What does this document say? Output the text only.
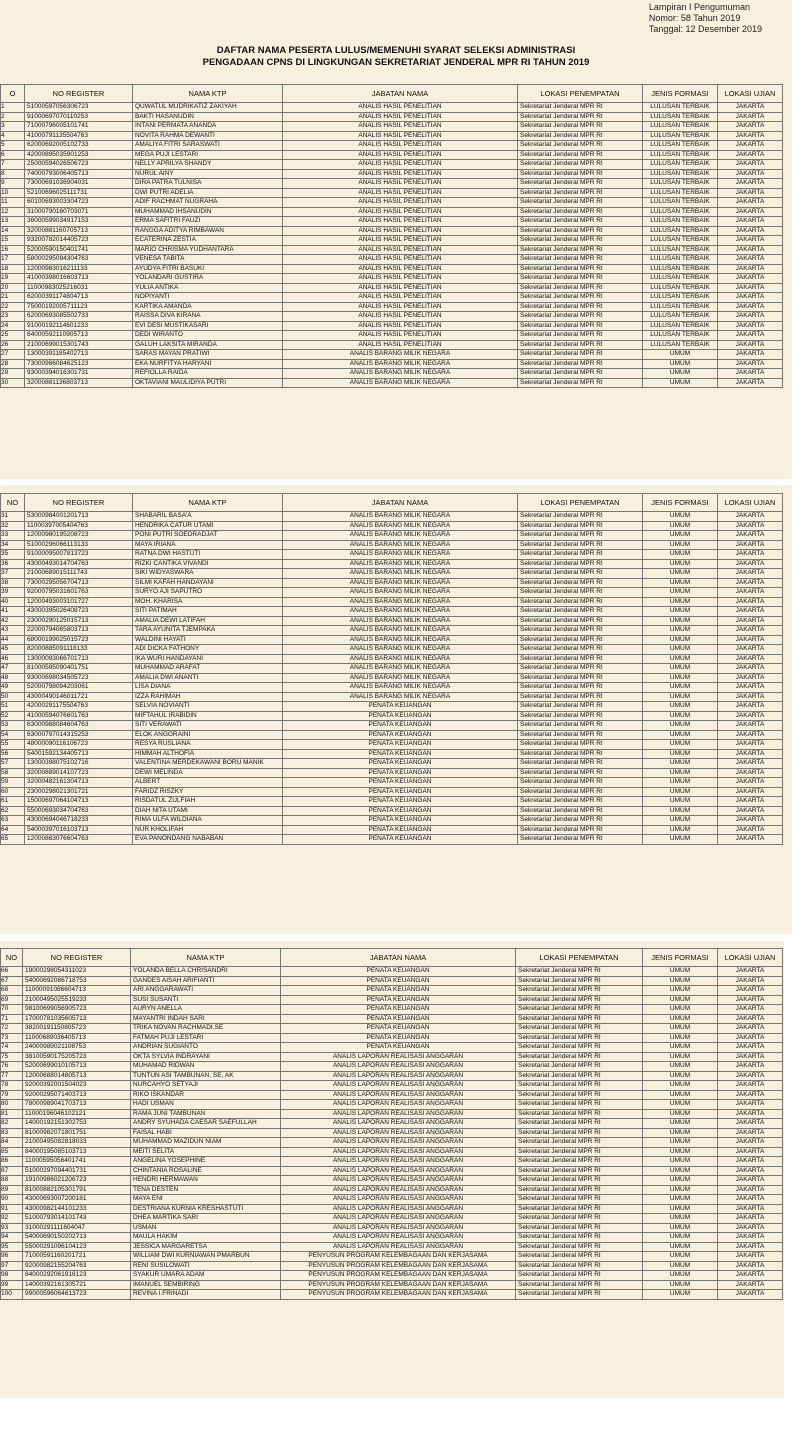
Lampiran I Pengumuman
Nomor: 58 Tahun 2019
Tanggal: 12 Desember 2019
DAFTAR NAMA PESERTA LULUS/MEMENUHI SYARAT SELEKSI ADMINISTRASI
PENGADAAN CPNS DI LINGKUNGAN SEKRETARIAT JENDERAL MPR RI TAHUN 2019
O	NO REGISTER	NAMA KTP	JABATAN NAMA	LOKASI PENEMPATAN	JENIS FORMASI	LOKASI UJIAN
1	51000597056306723	QUWATUL MUDRIKATIZ ZAKIYAH	ANALIS HASIL PENELITIAN	Sekretariat Jenderal MPR RI	LULUSAN TERBAIK	JAKARTA
2	91000697070110253	BAKTI HASANUDIN	ANALIS HASIL PENELITIAN	Sekretariat Jenderal MPR RI	LULUSAN TERBAIK	JAKARTA
3	71000796005101741	INTANI PERMATA ANANDA	ANALIS HASIL PENELITIAN	Sekretariat Jenderal MPR RI	LULUSAN TERBAIK	JAKARTA
4	41000791135504763	NOVITA RAHMA DEWANTI	ANALIS HASIL PENELITIAN	Sekretariat Jenderal MPR RI	LULUSAN TERBAIK	JAKARTA
5	62000692005102733	AMALIYA FITRI SARASWATI	ANALIS HASIL PENELITIAN	Sekretariat Jenderal MPR RI	LULUSAN TERBAIK	JAKARTA
6	42000895035901253	MEGA PUJI LESTARI	ANALIS HASIL PENELITIAN	Sekretariat Jenderal MPR RI	LULUSAN TERBAIK	JAKARTA
7	25000594026506723	NELLY APRILYA SHANDY	ANALIS HASIL PENELITIAN	Sekretariat Jenderal MPR RI	LULUSAN TERBAIK	JAKARTA
8	74000793006405713	NURUL AINY	ANALIS HASIL PENELITIAN	Sekretariat Jenderal MPR RI	LULUSAN TERBAIK	JAKARTA
9	73000691036904031	DIRA PATRA TULNISA	ANALIS HASIL PENELITIAN	Sekretariat Jenderal MPR RI	LULUSAN TERBAIK	JAKARTA
10	52100696025111731	DWI PUTRI ADELIA	ANALIS HASIL PENELITIAN	Sekretariat Jenderal MPR RI	LULUSAN TERBAIK	JAKARTA
11	60100693003304723	ADIF RACHMAT NUGRAHA	ANALIS HASIL PENELITIAN	Sekretariat Jenderal MPR RI	LULUSAN TERBAIK	JAKARTA
12	31000790160703071	MUHAMMAD IHSANUDIN	ANALIS HASIL PENELITIAN	Sekretariat Jenderal MPR RI	LULUSAN TERBAIK	JAKARTA
13	36000599034917153	ERMA SAFITRI FAUZI	ANALIS HASIL PENELITIAN	Sekretariat Jenderal MPR RI	LULUSAN TERBAIK	JAKARTA
14	32000881160705713	RANGGA ADITYA RIMBAWAN	ANALIS HASIL PENELITIAN	Sekretariat Jenderal MPR RI	LULUSAN TERBAIK	JAKARTA
15	93200782014405723	ECATERINA ZESTIA	ANALIS HASIL PENELITIAN	Sekretariat Jenderal MPR RI	LULUSAN TERBAIK	JAKARTA
16	52000590150401741	MARIO CHRISMA YUDHANTARA	ANALIS HASIL PENELITIAN	Sekretariat Jenderal MPR RI	LULUSAN TERBAIK	JAKARTA
17	58000295094304763	VENESA TABITA	ANALIS HASIL PENELITIAN	Sekretariat Jenderal MPR RI	LULUSAN TERBAIK	JAKARTA
18	12000983016211133	AYUDYA FITRI BASUKI	ANALIS HASIL PENELITIAN	Sekretariat Jenderal MPR RI	LULUSAN TERBAIK	JAKARTA
19	41000398016603713	YOLANDARI GUSTIRA	ANALIS HASIL PENELITIAN	Sekretariat Jenderal MPR RI	LULUSAN TERBAIK	JAKARTA
20	11000983025216031	YULIA ANTIKA	ANALIS HASIL PENELITIAN	Sekretariat Jenderal MPR RI	LULUSAN TERBAIK	JAKARTA
21	62000391174804713	NOPIYANTI	ANALIS HASIL PENELITIAN	Sekretariat Jenderal MPR RI	LULUSAN TERBAIK	JAKARTA
22	75000192005711123	KARTIKA AMANDA	ANALIS HASIL PENELITIAN	Sekretariat Jenderal MPR RI	LULUSAN TERBAIK	JAKARTA
23	62000693085502733	RAISSA DIVA KIRANA	ANALIS HASIL PENELITIAN	Sekretariat Jenderal MPR RI	LULUSAN TERBAIK	JAKARTA
24	91000192114601233	EVI DESI MUSTIKASARI	ANALIS HASIL PENELITIAN	Sekretariat Jenderal MPR RI	LULUSAN TERBAIK	JAKARTA
25	84000592110905713	DEDI WIRANTO	ANALIS HASIL PENELITIAN	Sekretariat Jenderal MPR RI	LULUSAN TERBAIK	JAKARTA
26	21000699015301743	GALUH LAKSITA MIRANDA	ANALIS HASIL PENELITIAN	Sekretariat Jenderal MPR RI	LULUSAN TERBAIK	JAKARTA
27	13000391185402713	SARAS MAYAN PRATIWI	ANALIS BARANG MILIK NEGARA	Sekretariat Jenderal MPR RI	UMUM	JAKARTA
28	73000986084625123	EKA NURFITYA HARYANI	ANALIS BARANG MILIK NEGARA	Sekretariat Jenderal MPR RI	UMUM	JAKARTA
29	93000394016301731	REFIOLLA RAIDA	ANALIS BARANG MILIK NEGARA	Sekretariat Jenderal MPR RI	UMUM	JAKARTA
30	32000881136803713	OKTAVIANI MAULIDIYA PUTRI	ANALIS BARANG MILIK NEGARA	Sekretariat Jenderal MPR RI	UMUM	JAKARTA
NO	NO REGISTER	NAMA KTP	JABATAN NAMA	LOKASI PENEMPATAN	JENIS FORMASI	LOKASI UJIAN
31	53000984001201713	SHABARIL BASA'A	ANALIS BARANG MILIK NEGARA	Sekretariat Jenderal MPR RI	UMUM	JAKARTA
32	11000397005404763	HENDRIKA CATUR UTAMI	ANALIS BARANG MILIK NEGARA	Sekretariat Jenderal MPR RI	UMUM	JAKARTA
33	12000980195208723	PONI PUTRI SOEDRADJAT	ANALIS BARANG MILIK NEGARA	Sekretariat Jenderal MPR RI	UMUM	JAKARTA
34	51000296066113133	MAYA IRIANA	ANALIS BARANG MILIK NEGARA	Sekretariat Jenderal MPR RI	UMUM	JAKARTA
35	91000095007813723	RATNA DWI HASTUTI	ANALIS BARANG MILIK NEGARA	Sekretariat Jenderal MPR RI	UMUM	JAKARTA
36	43000493014704763	RIZKI CANTIKA VIVANDI	ANALIS BARANG MILIK NEGARA	Sekretariat Jenderal MPR RI	UMUM	JAKARTA
37	21000689015111743	SIKI WIDYASWARA	ANALIS BARANG MILIK NEGARA	Sekretariat Jenderal MPR RI	UMUM	JAKARTA
38	73000295056704713	SILMI KAFAH HANDAYANI	ANALIS BARANG MILIK NEGARA	Sekretariat Jenderal MPR RI	UMUM	JAKARTA
39	92000795031601763	SURYO AJI SAPUTRO	ANALIS BARANG MILIK NEGARA	Sekretariat Jenderal MPR RI	UMUM	JAKARTA
40	12000493003101727	MOH. KHARISA	ANALIS BARANG MILIK NEGARA	Sekretariat Jenderal MPR RI	UMUM	JAKARTA
41	43000395026408723	SITI PATIMAH	ANALIS BARANG MILIK NEGARA	Sekretariat Jenderal MPR RI	UMUM	JAKARTA
42	23000290125015713	AMALIA DEWI LATIFAH	ANALIS BARANG MILIK NEGARA	Sekretariat Jenderal MPR RI	UMUM	JAKARTA
43	22000794065803713	TARA AYUNITA TJEMPAKA	ANALIS BARANG MILIK NEGARA	Sekretariat Jenderal MPR RI	UMUM	JAKARTA
44	68000199025015723	WALDINI HAYATI	ANALIS BARANG MILIK NEGARA	Sekretariat Jenderal MPR RI	UMUM	JAKARTA
45	82000885091118133	ADI DICKA FATHONY	ANALIS BARANG MILIK NEGARA	Sekretariat Jenderal MPR RI	UMUM	JAKARTA
46	13000093066701713	IKA WURI HANDAYANI	ANALIS BARANG MILIK NEGARA	Sekretariat Jenderal MPR RI	UMUM	JAKARTA
47	81000595090401751	MUHAMMAD ARAFAT	ANALIS BARANG MILIK NEGARA	Sekretariat Jenderal MPR RI	UMUM	JAKARTA
48	93000698034505723	AMALIA DWI ANANTI	ANALIS BARANG MILIK NEGARA	Sekretariat Jenderal MPR RI	UMUM	JAKARTA
49	52000798094203061	LISA DIANA	ANALIS BARANG MILIK NEGARA	Sekretariat Jenderal MPR RI	UMUM	JAKARTA
50	43000490146011721	IZZA RAHIMAH	ANALIS BARANG MILIK NEGARA	Sekretariat Jenderal MPR RI	UMUM	JAKARTA
51	42000291175504763	SELVIA NOVIANTI	PENATA KEUANGAN	Sekretariat Jenderal MPR RI	UMUM	JAKARTA
52	41000594076601763	MIFTAHUL IRABIDIN	PENATA KEUANGAN	Sekretariat Jenderal MPR RI	UMUM	JAKARTA
53	63000988084604763	SITI VERAWATI	PENATA KEUANGAN	Sekretariat Jenderal MPR RI	UMUM	JAKARTA
54	63000797014315253	ELOK ANGGRAINI	PENATA KEUANGAN	Sekretariat Jenderal MPR RI	UMUM	JAKARTA
55	48000090116106723	RESYA RUSLIANA	PENATA KEUANGAN	Sekretariat Jenderal MPR RI	UMUM	JAKARTA
56	54001592134405713	HIMMAH ALTHOFIA	PENATA KEUANGAN	Sekretariat Jenderal MPR RI	UMUM	JAKARTA
57	13000398075102716	VALENTINA MERDEKAWANI BORU MANIK	PENATA KEUANGAN	Sekretariat Jenderal MPR RI	UMUM	JAKARTA
58	32000889014107723	DEWI MELINDA	PENATA KEUANGAN	Sekretariat Jenderal MPR RI	UMUM	JAKARTA
59	32000482161304713	ALBERT	PENATA KEUANGAN	Sekretariat Jenderal MPR RI	UMUM	JAKARTA
60	23000298021301721	FARIDZ RISZKY	PENATA KEUANGAN	Sekretariat Jenderal MPR RI	UMUM	JAKARTA
61	15000697064104713	RISDATUL ZULFIAH	PENATA KEUANGAN	Sekretariat Jenderal MPR RI	UMUM	JAKARTA
62	55000693034704763	DIAH NITA UTAMI	PENATA KEUANGAN	Sekretariat Jenderal MPR RI	UMUM	JAKARTA
63	43000694046718233	RIMA ULFA WILDIANA	PENATA KEUANGAN	Sekretariat Jenderal MPR RI	UMUM	JAKARTA
64	54000397016103713	NUR KHOLIFAH	PENATA KEUANGAN	Sekretariat Jenderal MPR RI	UMUM	JAKARTA
65	12000883076604763	EVA PANONDANG NABABAN	PENATA KEUANGAN	Sekretariat Jenderal MPR RI	UMUM	JAKARTA
NO	NO REGISTER	NAMA KTP	JABATAN NAMA	LOKASI PENEMPATAN	JENIS FORMASI	LOKASI UJIAN
66	19000298054311023	YOLANDA BELLA CHRISANDRI	PENATA KEUANGAN	Sekretariat Jenderal MPR RI	UMUM	JAKARTA
67	54000692086718753	GANDES AISAH ARIFIANTI	PENATA KEUANGAN	Sekretariat Jenderal MPR RI	UMUM	JAKARTA
68	11000091086604713	ARI ANGGARAWATI	PENATA KEUANGAN	Sekretariat Jenderal MPR RI	UMUM	JAKARTA
69	21000495025519233	SUSI SUSANTI	PENATA KEUANGAN	Sekretariat Jenderal MPR RI	UMUM	JAKARTA
70	98100699056905723	AURYN ANELLA	PENATA KEUANGAN	Sekretariat Jenderal MPR RI	UMUM	JAKARTA
71	17000781035605713	MAYANTRI INDAH SARI	PENATA KEUANGAN	Sekretariat Jenderal MPR RI	UMUM	JAKARTA
72	38200191150805723	TRIKA NOVAN RACHMADI.SE	PENATA KEUANGAN	Sekretariat Jenderal MPR RI	UMUM	JAKARTA
73	11000689036405713	FATMAH PUJI LESTARI	PENATA KEUANGAN	Sekretariat Jenderal MPR RI	UMUM	JAKARTA
74	24000989021108753	ANDRIAN SUGIANTO	PENATA KEUANGAN	Sekretariat Jenderal MPR RI	UMUM	JAKARTA
75	38100590175205723	OKTA SYLVIA INDRAYANI	ANALIS LAPORAN REALISASI ANGGARAN	Sekretariat Jenderal MPR RI	UMUM	JAKARTA
76	52000699010105713	MUHAMAD RIDWAN	ANALIS LAPORAN REALISASI ANGGARAN	Sekretariat Jenderal MPR RI	UMUM	JAKARTA
77	12000688014805713	TUNTUN ASI TAMBUNAN, SE, AK	ANALIS LAPORAN REALISASI ANGGARAN	Sekretariat Jenderal MPR RI	UMUM	JAKARTA
78	92000392001504023	NURCAHYO SETYAJI	ANALIS LAPORAN REALISASI ANGGARAN	Sekretariat Jenderal MPR RI	UMUM	JAKARTA
79	92000295071403713	RIKO ISKANDAR	ANALIS LAPORAN REALISASI ANGGARAN	Sekretariat Jenderal MPR RI	UMUM	JAKARTA
80	78000989041703713	HADI USMAN	ANALIS LAPORAN REALISASI ANGGARAN	Sekretariat Jenderal MPR RI	UMUM	JAKARTA
81	11000196046102121	RAMA JUNI TAMBUNAN	ANALIS LAPORAN REALISASI ANGGARAN	Sekretariat Jenderal MPR RI	UMUM	JAKARTA
82	14000192151302753	ANDRY SYUHADA CAESAR SAEFULLAH	ANALIS LAPORAN REALISASI ANGGARAN	Sekretariat Jenderal MPR RI	UMUM	JAKARTA
83	81000982071801751	FAISAL HABI	ANALIS LAPORAN REALISASI ANGGARAN	Sekretariat Jenderal MPR RI	UMUM	JAKARTA
84	21000495082818033	MUHAMMAD MAZIDUN NIAM	ANALIS LAPORAN REALISASI ANGGARAN	Sekretariat Jenderal MPR RI	UMUM	JAKARTA
85	84000195085103713	MEITI SELITA	ANALIS LAPORAN REALISASI ANGGARAN	Sekretariat Jenderal MPR RI	UMUM	JAKARTA
86	11000595056401741	ANGELINA YOSEPHINE	ANALIS LAPORAN REALISASI ANGGARAN	Sekretariat Jenderal MPR RI	UMUM	JAKARTA
87	51000297094401731	CHINTANIA ROSALINE	ANALIS LAPORAN REALISASI ANGGARAN	Sekretariat Jenderal MPR RI	UMUM	JAKARTA
88	19100986021206723	HENDRI HERMAWAN	ANALIS LAPORAN REALISASI ANGGARAN	Sekretariat Jenderal MPR RI	UMUM	JAKARTA
89	81000882105301791	TENA DESTEN	ANALIS LAPORAN REALISASI ANGGARAN	Sekretariat Jenderal MPR RI	UMUM	JAKARTA
90	43000693007200181	MAYA ENI	ANALIS LAPORAN REALISASI ANGGARAN	Sekretariat Jenderal MPR RI	UMUM	JAKARTA
91	43000982144101233	DESTRIANA KURNIA KRESHASTUTI	ANALIS LAPORAN REALISASI ANGGARAN	Sekretariat Jenderal MPR RI	UMUM	JAKARTA
92	51000793014101743	DHEA MARTIKA SARI	ANALIS LAPORAN REALISASI ANGGARAN	Sekretariat Jenderal MPR RI	UMUM	JAKARTA
93	31000291111604047	USMAN	ANALIS LAPORAN REALISASI ANGGARAN	Sekretariat Jenderal MPR RI	UMUM	JAKARTA
94	54000690150202713	MAULA HAKIM	ANALIS LAPORAN REALISASI ANGGARAN	Sekretariat Jenderal MPR RI	UMUM	JAKARTA
95	55000291096104123	JESSICA MARGARETSA	ANALIS LAPORAN REALISASI ANGGARAN	Sekretariat Jenderal MPR RI	UMUM	JAKARTA
96	71000591160201721	WILLIAM DWI KURNIAWAN PMARBUN	PENYUSUN PROGRAM KELEMBAGAAN DAN KERJASAMA	Sekretariat Jenderal MPR RI	UMUM	JAKARTA
97	92000982155204763	RENI SUSILOWATI	PENYUSUN PROGRAM KELEMBAGAAN DAN KERJASAMA	Sekretariat Jenderal MPR RI	UMUM	JAKARTA
98	84000292061916123	SYAKUR UMARA ADAM	PENYUSUN PROGRAM KELEMBAGAAN DAN KERJASAMA	Sekretariat Jenderal MPR RI	UMUM	JAKARTA
99	14000392161305721	IMANUEL SEMBIRING	PENYUSUN PROGRAM KELEMBAGAAN DAN KERJASAMA	Sekretariat Jenderal MPR RI	UMUM	JAKARTA
100	99000596064613723	REVINA I.FRINADI	PENYUSUN PROGRAM KELEMBAGAAN DAN KERJASAMA	Sekretariat Jenderal MPR RI	UMUM	JAKARTA
